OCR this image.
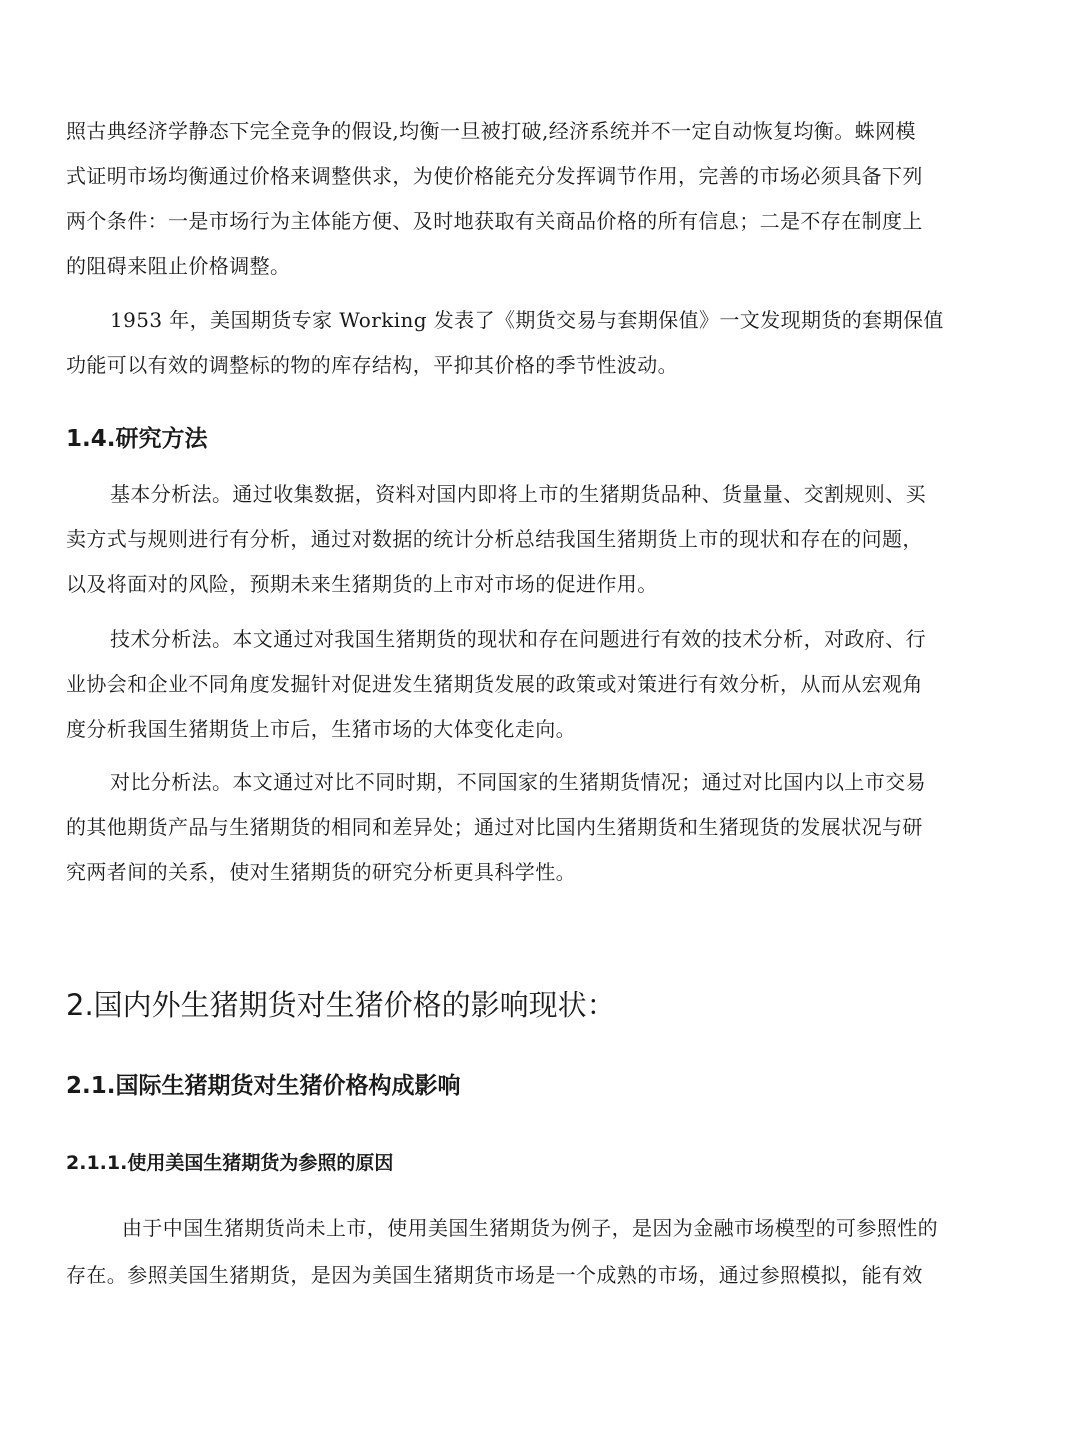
照古典经济学静态下完全竞争的假设,均衡一旦被打破,经济系统并不一定自动恢复均衡。蛛网模
式证明市场均衡通过价格来调整供求，为使价格能充分发挥调节作用，完善的市场必须具备下列
两个条件：一是市场行为主体能方便、及时地获取有关商品价格的所有信息；二是不存在制度上
的阻碍来阻止价格调整。
1953 年，美国期货专家 Working 发表了《期货交易与套期保值》一文发现期货的套期保值
功能可以有效的调整标的物的库存结构，平抑其价格的季节性波动。
1.4.研究方法
基本分析法。通过收集数据，资料对国内即将上市的生猪期货品种、货量量、交割规则、买
卖方式与规则进行有分析，通过对数据的统计分析总结我国生猪期货上市的现状和存在的问题，
以及将面对的风险，预期未来生猪期货的上市对市场的促进作用。
技术分析法。本文通过对我国生猪期货的现状和存在问题进行有效的技术分析，对政府、行
业协会和企业不同角度发掘针对促进发生猪期货发展的政策或对策进行有效分析，从而从宏观角
度分析我国生猪期货上市后，生猪市场的大体变化走向。
对比分析法。本文通过对比不同时期，不同国家的生猪期货情况；通过对比国内以上市交易
的其他期货产品与生猪期货的相同和差异处；通过对比国内生猪期货和生猪现货的发展状况与研
究两者间的关系，使对生猪期货的研究分析更具科学性。
2.国内外生猪期货对生猪价格的影响现状：
2.1.国际生猪期货对生猪价格构成影响
2.1.1.使用美国生猪期货为参照的原因
由于中国生猪期货尚未上市，使用美国生猪期货为例子，是因为金融市场模型的可参照性的
存在。参照美国生猪期货，是因为美国生猪期货市场是一个成熟的市场，通过参照模拟，能有效
